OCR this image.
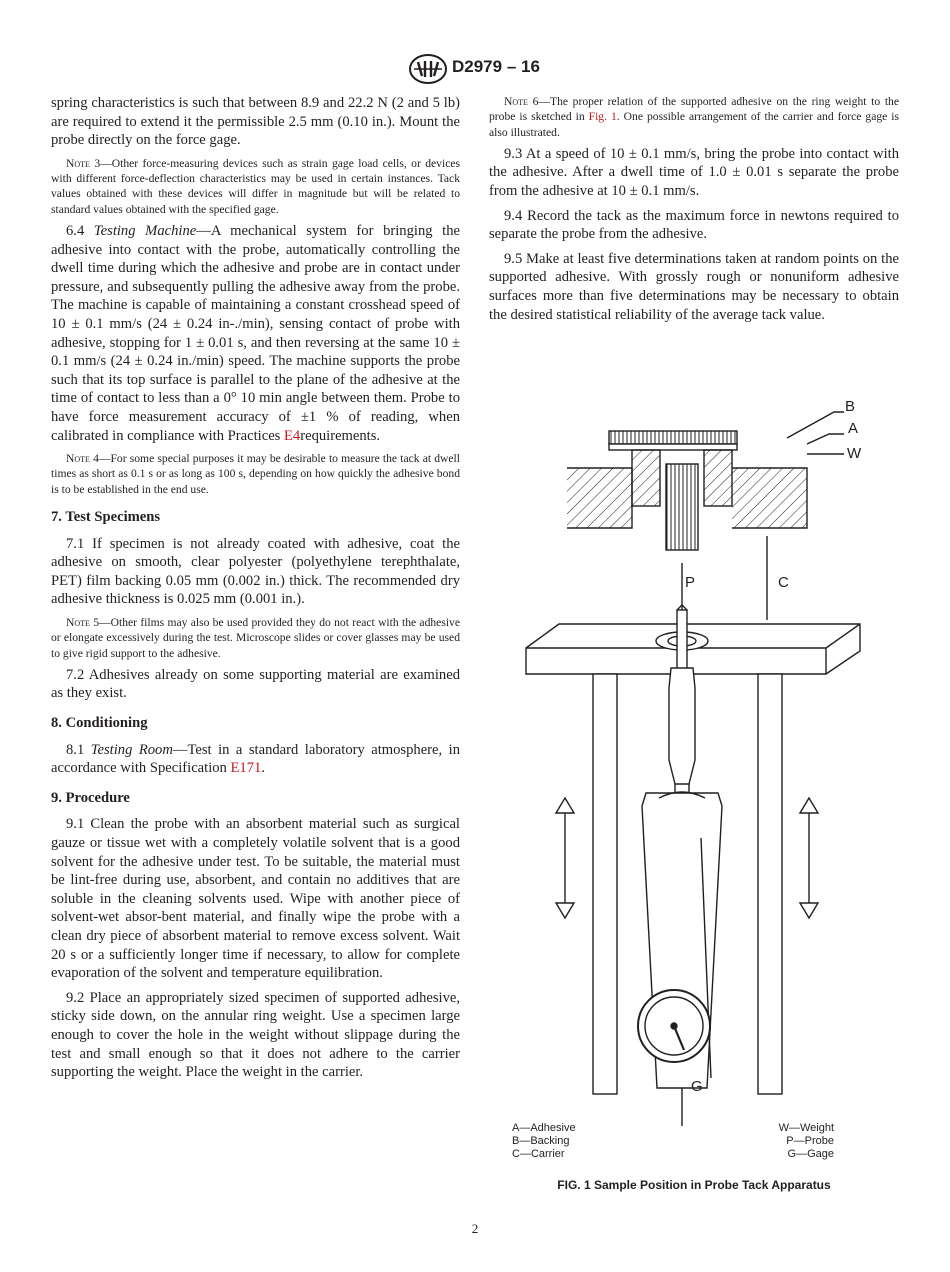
D2979 – 16

spring characteristics is such that between 8.9 and 22.2 N (2 and 5 lb) are required to extend it the permissible 2.5 mm (0.10 in.). Mount the probe directly on the force gage.

Note 3—Other force-measuring devices such as strain gage load cells, or devices with different force-deflection characteristics may be used in certain instances. Tack values obtained with these devices will differ in magnitude but will be related to standard values obtained with the specified gage.

6.4 Testing Machine—A mechanical system for bringing the adhesive into contact with the probe, automatically controlling the dwell time during which the adhesive and probe are in contact under pressure, and subsequently pulling the adhesive away from the probe. The machine is capable of maintaining a constant crosshead speed of 10 ± 0.1 mm/s (24 ± 0.24 in-./min), sensing contact of probe with adhesive, stopping for 1 ± 0.01 s, and then reversing at the same 10 ± 0.1 mm/s (24 ± 0.24 in./min) speed. The machine supports the probe such that its top surface is parallel to the plane of the adhesive at the time of contact to less than a 0° 10 min angle between them. Probe to have force measurement accuracy of ±1 % of reading, when calibrated in compliance with Practices E4requirements.

Note 4—For some special purposes it may be desirable to measure the tack at dwell times as short as 0.1 s or as long as 100 s, depending on how quickly the adhesive bond is to be established in the end use.

7. Test Specimens

7.1 If specimen is not already coated with adhesive, coat the adhesive on smooth, clear polyester (polyethylene terephthalate, PET) film backing 0.05 mm (0.002 in.) thick. The recommended dry adhesive thickness is 0.025 mm (0.001 in.).

Note 5—Other films may also be used provided they do not react with the adhesive or elongate excessively during the test. Microscope slides or cover glasses may be used to give rigid support to the adhesive.

7.2 Adhesives already on some supporting material are examined as they exist.

8. Conditioning

8.1 Testing Room—Test in a standard laboratory atmosphere, in accordance with Specification E171.

9. Procedure

9.1 Clean the probe with an absorbent material such as surgical gauze or tissue wet with a completely volatile solvent that is a good solvent for the adhesive under test. To be suitable, the material must be lint-free during use, absorbent, and contain no additives that are soluble in the cleaning solvents used. Wipe with another piece of solvent-wet absor-bent material, and finally wipe the probe with a clean dry piece of absorbent material to remove excess solvent. Wait 20 s or a sufficiently longer time if necessary, to allow for complete evaporation of the solvent and temperature equilibration.

9.2 Place an appropriately sized specimen of supported adhesive, sticky side down, on the annular ring weight. Use a specimen large enough to cover the hole in the weight without slippage during the test and small enough so that it does not adhere to the carrier supporting the weight. Place the weight in the carrier.

Note 6—The proper relation of the supported adhesive on the ring weight to the probe is sketched in Fig. 1. One possible arrangement of the carrier and force gage is also illustrated.

9.3 At a speed of 10 ± 0.1 mm/s, bring the probe into contact with the adhesive. After a dwell time of 1.0 ± 0.01 s separate the probe from the adhesive at 10 ± 0.1 mm/s.

9.4 Record the tack as the maximum force in newtons required to separate the probe from the adhesive.

9.5 Make at least five determinations taken at random points on the supported adhesive. With grossly rough or nonuniform adhesive surfaces more than five determinations may be necessary to obtain the desired statistical reliability of the average tack value.

B
A
W
P	C
G
A—Adhesive
B—Backing
C—Carrier
W—Weight
P—Probe
G—Gage
FIG. 1 Sample Position in Probe Tack Apparatus
2
